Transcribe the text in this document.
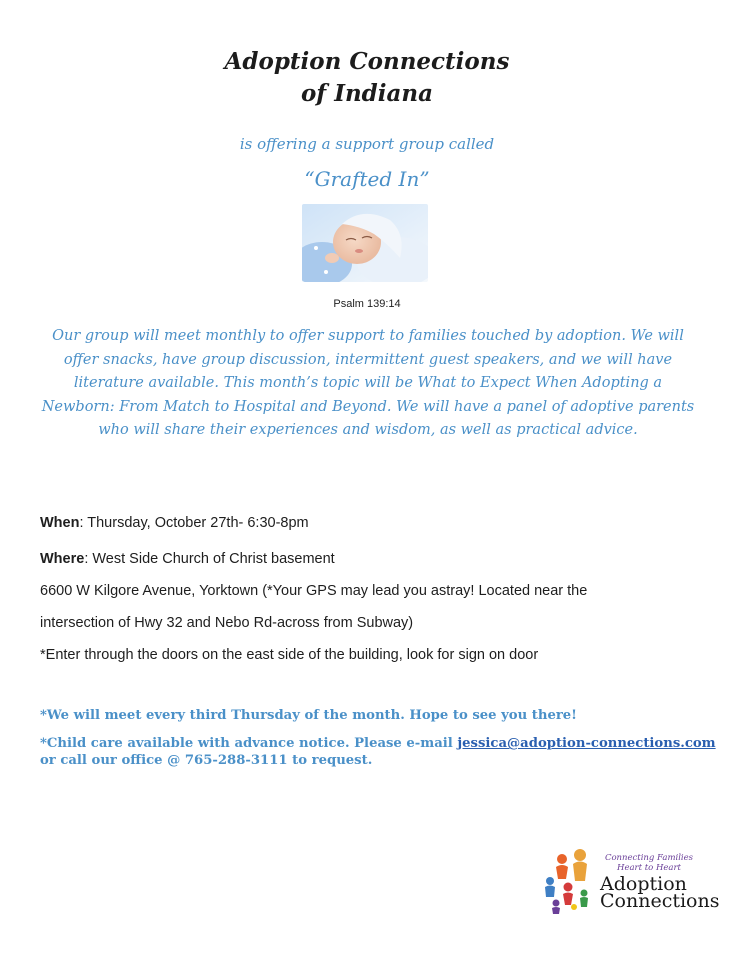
Adoption Connections
of Indiana
is offering a support group called
“Grafted In”
Psalm 139:14

Our group will meet monthly to offer support to families touched by adoption. We will offer snacks, have group discussion, intermittent guest speakers, and we will have literature available. This month’s topic will be What to Expect When Adopting a Newborn: From Match to Hospital and Beyond. We will have a panel of adoptive parents who will share their experiences and wisdom, as well as practical advice.

When: Thursday, October 27th- 6:30-8pm
Where: West Side Church of Christ basement
6600 W Kilgore Avenue, Yorktown (*Your GPS may lead you astray! Located near the
intersection of Hwy 32 and Nebo Rd-across from Subway)
*Enter through the doors on the east side of the building, look for sign on door
*We will meet every third Thursday of the month. Hope to see you there!
*Child care available with advance notice. Please e-mail jessica@adoption-connections.com
or call our office @ 765-288-3111 to request.
Connecting Families
Heart to Heart
Adoption
Connections
